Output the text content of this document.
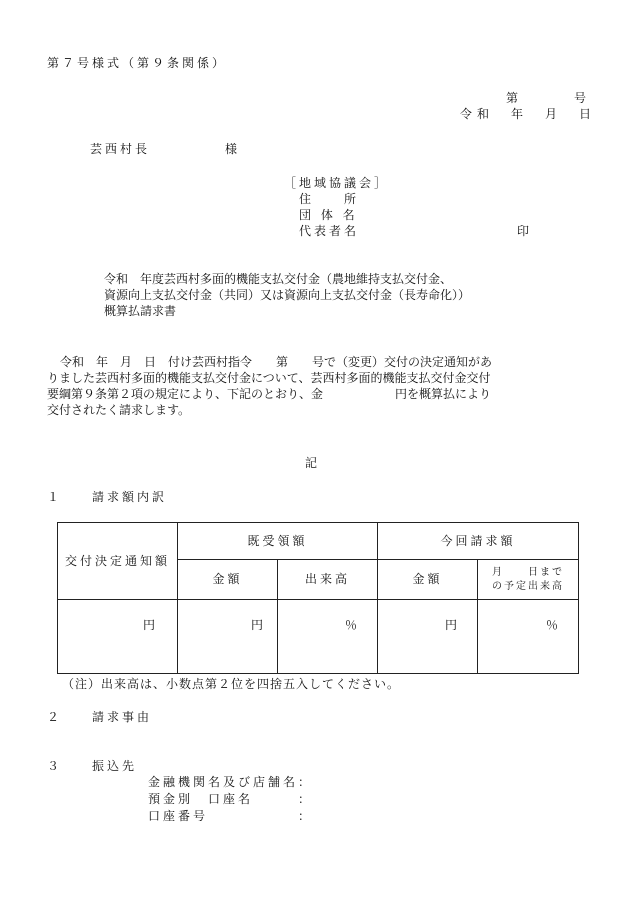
第７号様式（第９条関係）
第　　　号
令和　年　月　日
芸西村長　　　　　様
［地域協議会］
住　　所
団 体 名
代表者名	印
令和　年度芸西村多面的機能支払交付金（農地維持支払交付金、
資源向上支払交付金（共同）又は資源向上支払交付金（長寿命化））
概算払請求書
令和　年　月　日　付け芸西村指令　　第　　号で（変更）交付の決定通知があ
りました芸西村多面的機能支払交付金について、芸西村多面的機能支払交付金交付
要綱第９条第２項の規定により、下記のとおり、金　　　　　　円を概算払により
交付されたく請求します。
記
１　　請求額内訳
交付決定通知額	既受領額		今回請求額	
	金額	出来高	金額	月　　日まで
の予定出来高

円	円	％	円	％
（注）出来高は、小数点第２位を四捨五入してください。
２　　請求事由
３　　振込先
金融機関名及び店舗名：
預金別　口座名　　　：
口座番号　　　　　　：
